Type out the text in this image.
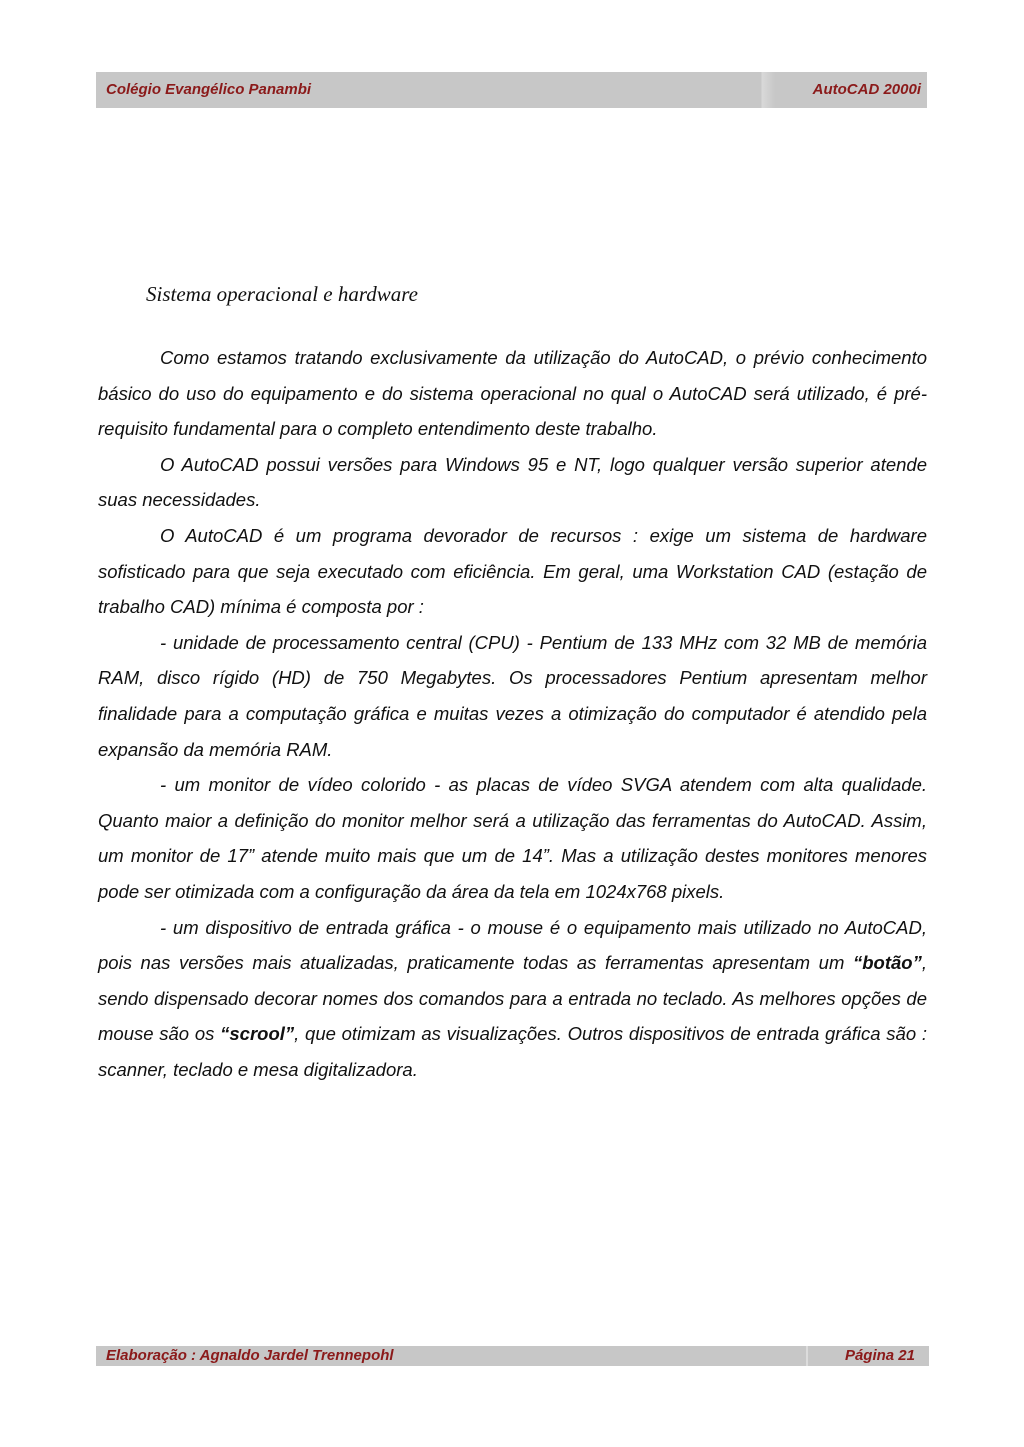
Colégio Evangélico Panambi	AutoCAD 2000i
Sistema operacional e hardware

Como estamos tratando exclusivamente da utilização do AutoCAD, o prévio conhecimento básico do uso do equipamento e do sistema operacional no qual o AutoCAD será utilizado, é pré-requisito fundamental para o completo entendimento deste trabalho.

O AutoCAD possui versões para Windows 95 e NT, logo qualquer versão superior atende suas necessidades.

O AutoCAD é um programa devorador de recursos : exige um sistema de hardware sofisticado para que seja executado com eficiência. Em geral, uma Workstation CAD (estação de trabalho CAD) mínima é composta por :

- unidade de processamento central (CPU) - Pentium de 133 MHz com 32 MB de memória RAM, disco rígido (HD) de 750 Megabytes. Os processadores Pentium apresentam melhor finalidade para a computação gráfica e muitas vezes a otimização do computador é atendido pela expansão da memória RAM.

- um monitor de vídeo colorido - as placas de vídeo SVGA atendem com alta qualidade. Quanto maior a definição do monitor melhor será a utilização das ferramentas do AutoCAD. Assim, um monitor de 17” atende muito mais que um de 14”. Mas a utilização destes monitores menores pode ser otimizada com a configuração da área da tela em 1024x768 pixels.

- um dispositivo de entrada gráfica - o mouse é o equipamento mais utilizado no AutoCAD, pois nas versões mais atualizadas, praticamente todas as ferramentas apresentam um “botão”, sendo dispensado decorar nomes dos comandos para a entrada no teclado. As melhores opções de mouse são os “scrool”, que otimizam as visualizações. Outros dispositivos de entrada gráfica são : scanner, teclado e mesa digitalizadora.

Elaboração : Agnaldo Jardel Trennepohl	Página 21
